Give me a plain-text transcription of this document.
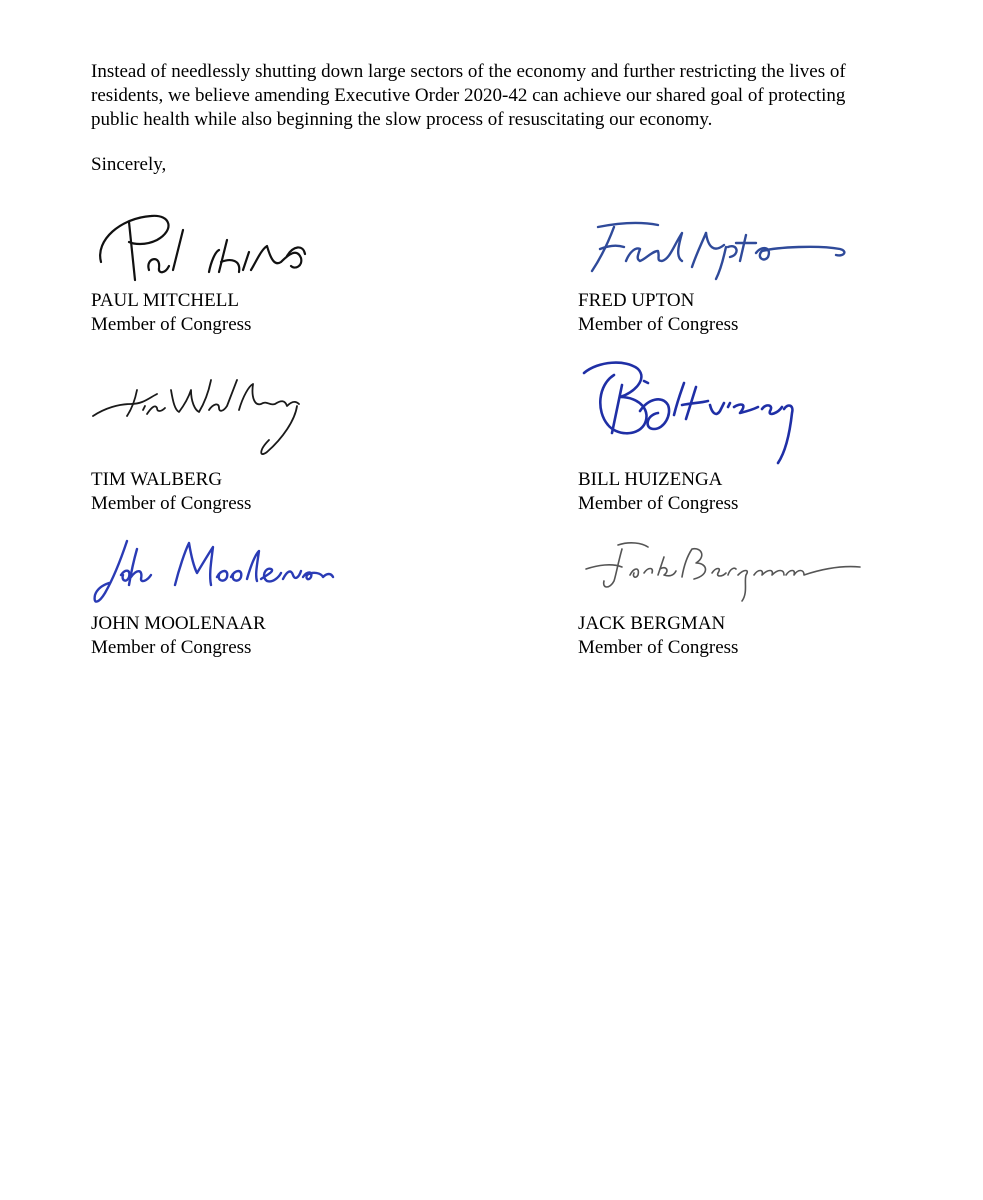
Instead of needlessly shutting down large sectors of the economy and further restricting the lives of residents, we believe amending Executive Order 2020-42 can achieve our shared goal of protecting public health while also beginning the slow process of resuscitating our economy.

Sincerely,

PAUL MITCHELL
Member of Congress
FRED UPTON
Member of Congress
TIM WALBERG
Member of Congress
BILL HUIZENGA
Member of Congress
JOHN MOOLENAAR
Member of Congress
JACK BERGMAN
Member of Congress
